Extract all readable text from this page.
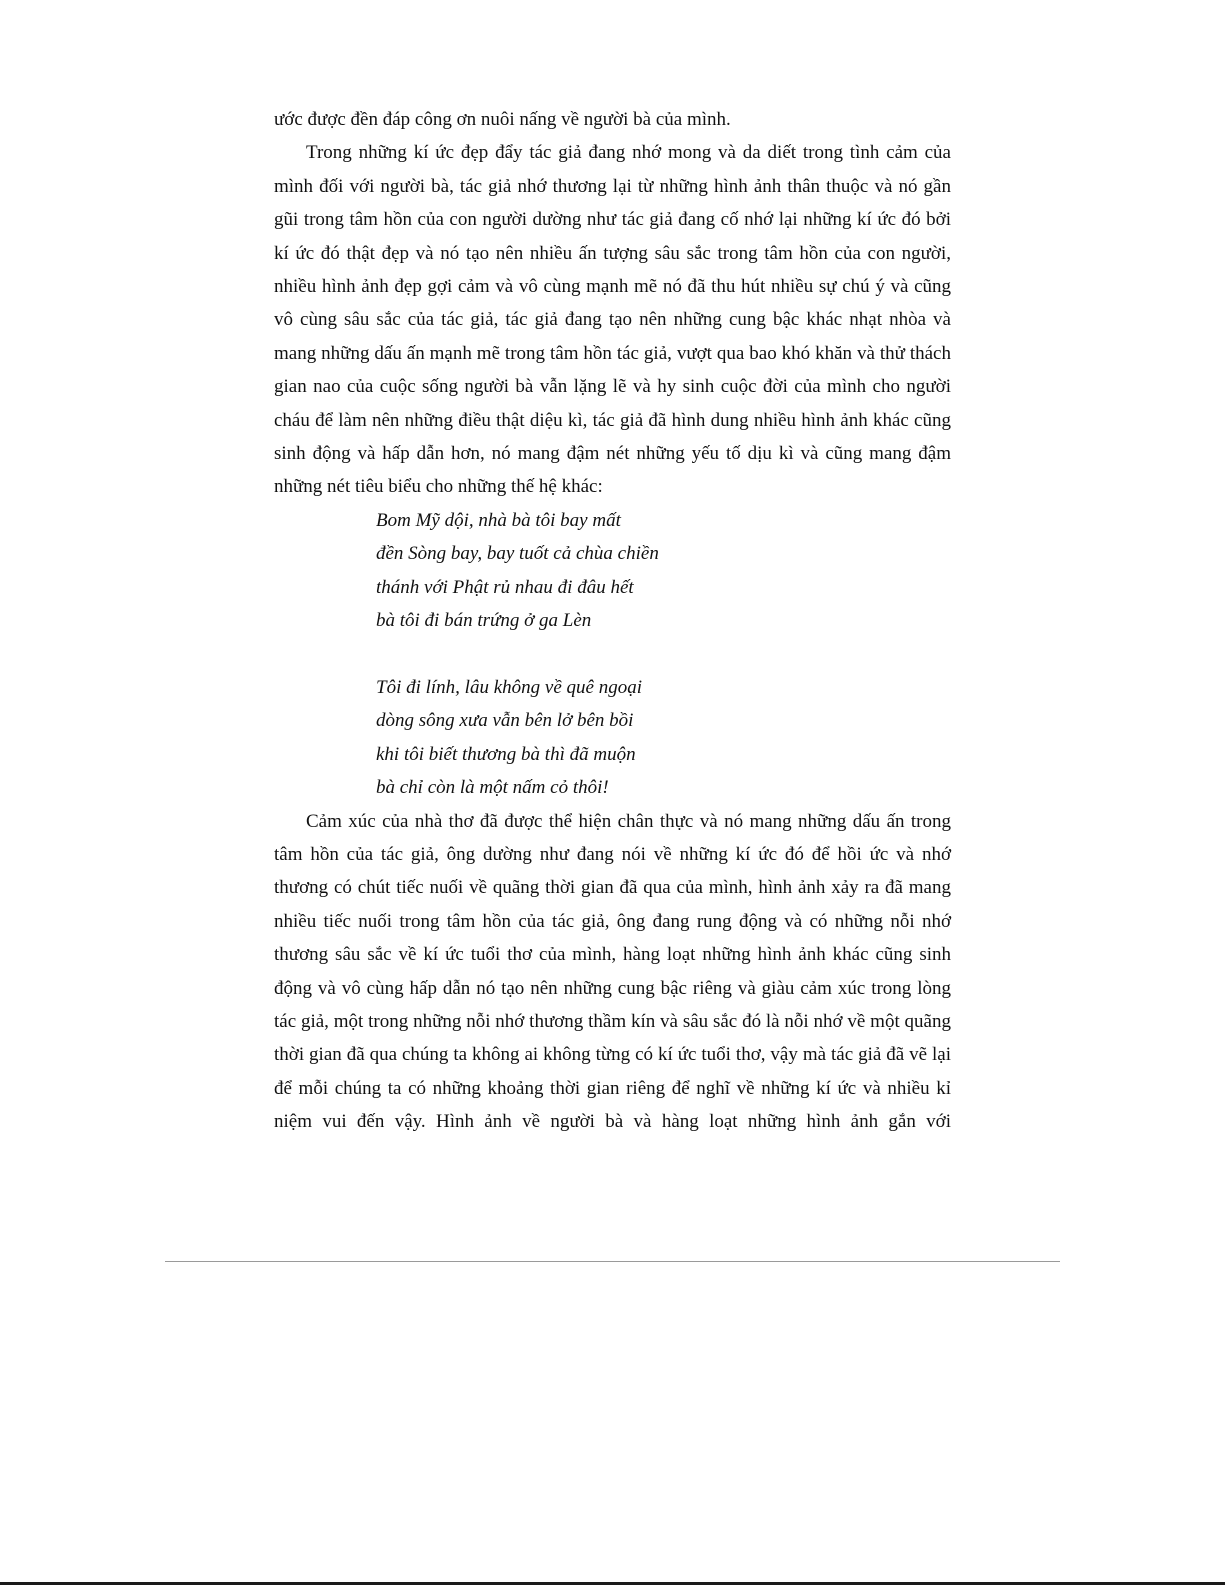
ước được đền đáp công ơn nuôi nấng về người bà của mình.

Trong những kí ức đẹp đẩy tác giả đang nhớ mong và da diết trong tình cảm của mình đối với người bà, tác giả nhớ thương lại từ những hình ảnh thân thuộc và nó gần gũi trong tâm hồn của con người dường như tác giả đang cố nhớ lại những kí ức đó bởi kí ức đó thật đẹp và nó tạo nên nhiều ấn tượng sâu sắc trong tâm hồn của con người, nhiều hình ảnh đẹp gợi cảm và vô cùng mạnh mẽ nó đã thu hút nhiều sự chú ý và cũng vô cùng sâu sắc của tác giả, tác giả đang tạo nên những cung bậc khác nhạt nhòa và mang những dấu ấn mạnh mẽ trong tâm hồn tác giả, vượt qua bao khó khăn và thử thách gian nao của cuộc sống người bà vẫn lặng lẽ và hy sinh cuộc đời của mình cho người cháu để làm nên những điều thật diệu kì, tác giả đã hình dung nhiều hình ảnh khác cũng sinh động và hấp dẫn hơn, nó mang đậm nét những yếu tố dịu kì và cũng mang đậm những nét tiêu biểu cho những thế hệ khác:

Bom Mỹ dội, nhà bà tôi bay mất
đền Sòng bay, bay tuốt cả chùa chiền
thánh với Phật rủ nhau đi đâu hết
bà tôi đi bán trứng ở ga Lèn
Tôi đi lính, lâu không về quê ngoại
dòng sông xưa vẫn bên lở bên bồi
khi tôi biết thương bà thì đã muộn
bà chỉ còn là một nấm cỏ thôi!

Cảm xúc của nhà thơ đã được thể hiện chân thực và nó mang những dấu ấn trong tâm hồn của tác giả, ông dường như đang nói về những kí ức đó để hồi ức và nhớ thương có chút tiếc nuối về quãng thời gian đã qua của mình, hình ảnh xảy ra đã mang nhiều tiếc nuối trong tâm hồn của tác giả, ông đang rung động và có những nỗi nhớ thương sâu sắc về kí ức tuổi thơ của mình, hàng loạt những hình ảnh khác cũng sinh động và vô cùng hấp dẫn nó tạo nên những cung bậc riêng và giàu cảm xúc trong lòng tác giả, một trong những nỗi nhớ thương thầm kín và sâu sắc đó là nỗi nhớ về một quãng thời gian đã qua chúng ta không ai không từng có kí ức tuổi thơ, vậy mà tác giả đã vẽ lại để mỗi chúng ta có những khoảng thời gian riêng để nghĩ về những kí ức và nhiều kỉ niệm vui đến vậy. Hình ảnh về người bà và hàng loạt những hình ảnh gắn với
